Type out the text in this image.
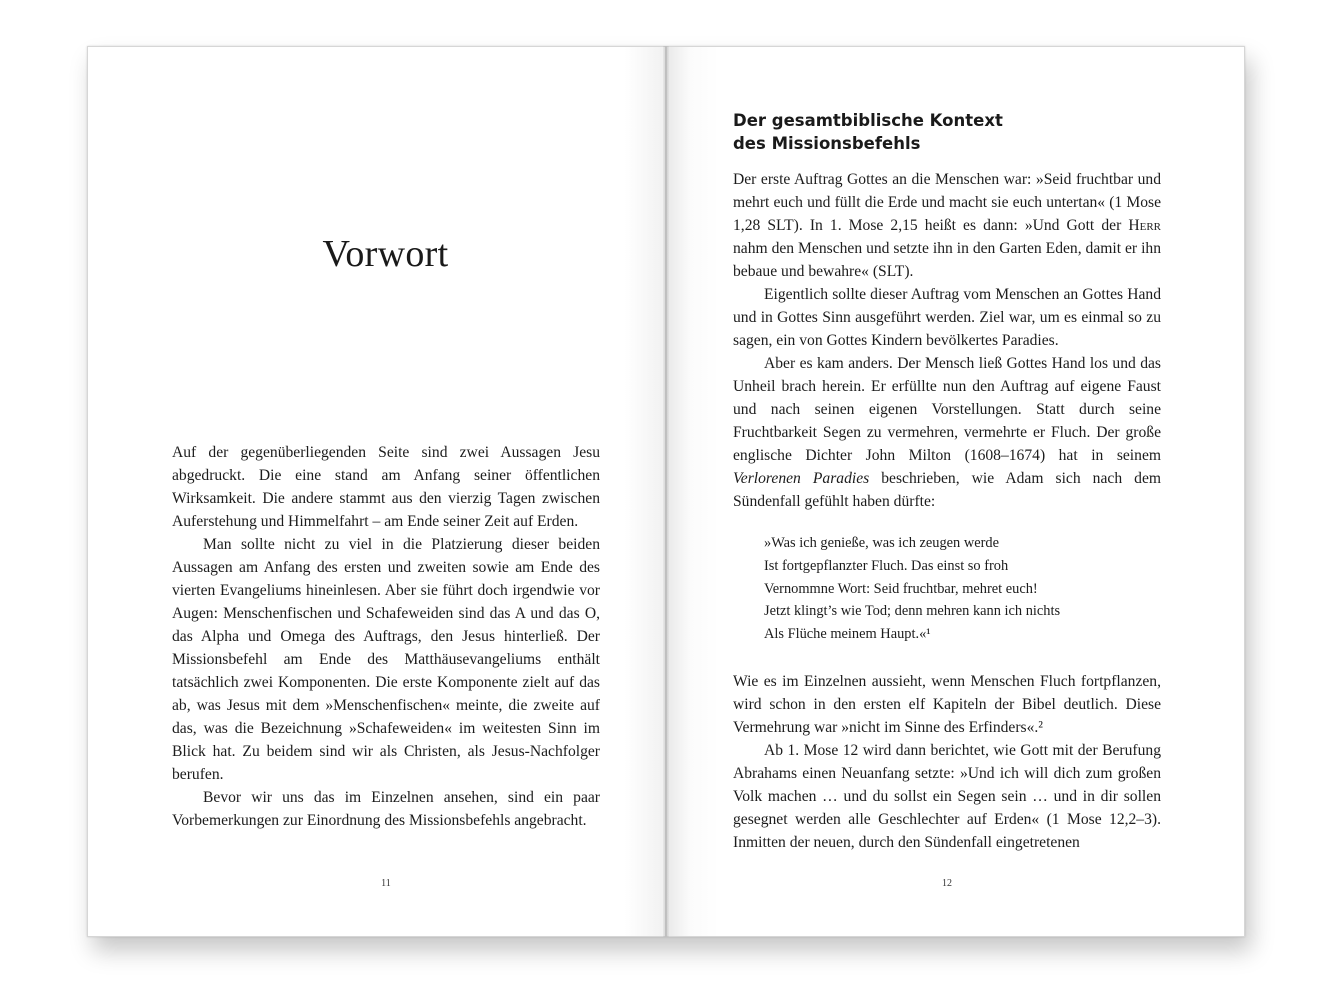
Vorwort

Auf der gegenüberliegenden Seite sind zwei Aussagen Jesu abgedruckt. Die eine stand am Anfang seiner öffentlichen Wirksamkeit. Die andere stammt aus den vierzig Tagen zwischen Auferstehung und Himmelfahrt – am Ende seiner Zeit auf Erden.

Man sollte nicht zu viel in die Platzierung dieser beiden Aussagen am Anfang des ersten und zweiten sowie am Ende des vierten Evangeliums hineinlesen. Aber sie führt doch irgendwie vor Augen: Menschenfischen und Schafeweiden sind das A und das O, das Alpha und Omega des Auftrags, den Jesus hinterließ. Der Missionsbefehl am Ende des Matthäusevangeliums enthält tatsächlich zwei Komponenten. Die erste Komponente zielt auf das ab, was Jesus mit dem »Menschenfischen« meinte, die zweite auf das, was die Bezeichnung »Schafeweiden« im weitesten Sinn im Blick hat. Zu beidem sind wir als Christen, als Jesus-Nachfolger berufen.

Bevor wir uns das im Einzelnen ansehen, sind ein paar Vorbemerkungen zur Einordnung des Missionsbefehls angebracht.

11
Der gesamtbiblische Kontext
des Missionsbefehls

Der erste Auftrag Gottes an die Menschen war: »Seid fruchtbar und mehrt euch und füllt die Erde und macht sie euch untertan« (1 Mose 1,28 SLT). In 1. Mose 2,15 heißt es dann: »Und Gott der Herr nahm den Menschen und setzte ihn in den Garten Eden, damit er ihn bebaue und bewahre« (SLT).

Eigentlich sollte dieser Auftrag vom Menschen an Gottes Hand und in Gottes Sinn ausgeführt werden. Ziel war, um es einmal so zu sagen, ein von Gottes Kindern bevölkertes Paradies.

Aber es kam anders. Der Mensch ließ Gottes Hand los und das Unheil brach herein. Er erfüllte nun den Auftrag auf eigene Faust und nach seinen eigenen Vorstellungen. Statt durch seine Fruchtbarkeit Segen zu vermehren, vermehrte er Fluch. Der große englische Dichter John Milton (1608–1674) hat in seinem Verlorenen Paradies beschrieben, wie Adam sich nach dem Sündenfall gefühlt haben dürfte:

»Was ich genieße, was ich zeugen werde
Ist fortgepflanzter Fluch. Das einst so froh
Vernommne Wort: Seid fruchtbar, mehret euch!
Jetzt klingt’s wie Tod; denn mehren kann ich nichts
Als Flüche meinem Haupt.«¹

Wie es im Einzelnen aussieht, wenn Menschen Fluch fortpflanzen, wird schon in den ersten elf Kapiteln der Bibel deutlich. Diese Vermehrung war »nicht im Sinne des Erfinders«.²

Ab 1. Mose 12 wird dann berichtet, wie Gott mit der Berufung Abrahams einen Neuanfang setzte: »Und ich will dich zum großen Volk machen … und du sollst ein Segen sein … und in dir sollen gesegnet werden alle Geschlechter auf Erden« (1 Mose 12,2–3). Inmitten der neuen, durch den Sündenfall eingetretenen

12
